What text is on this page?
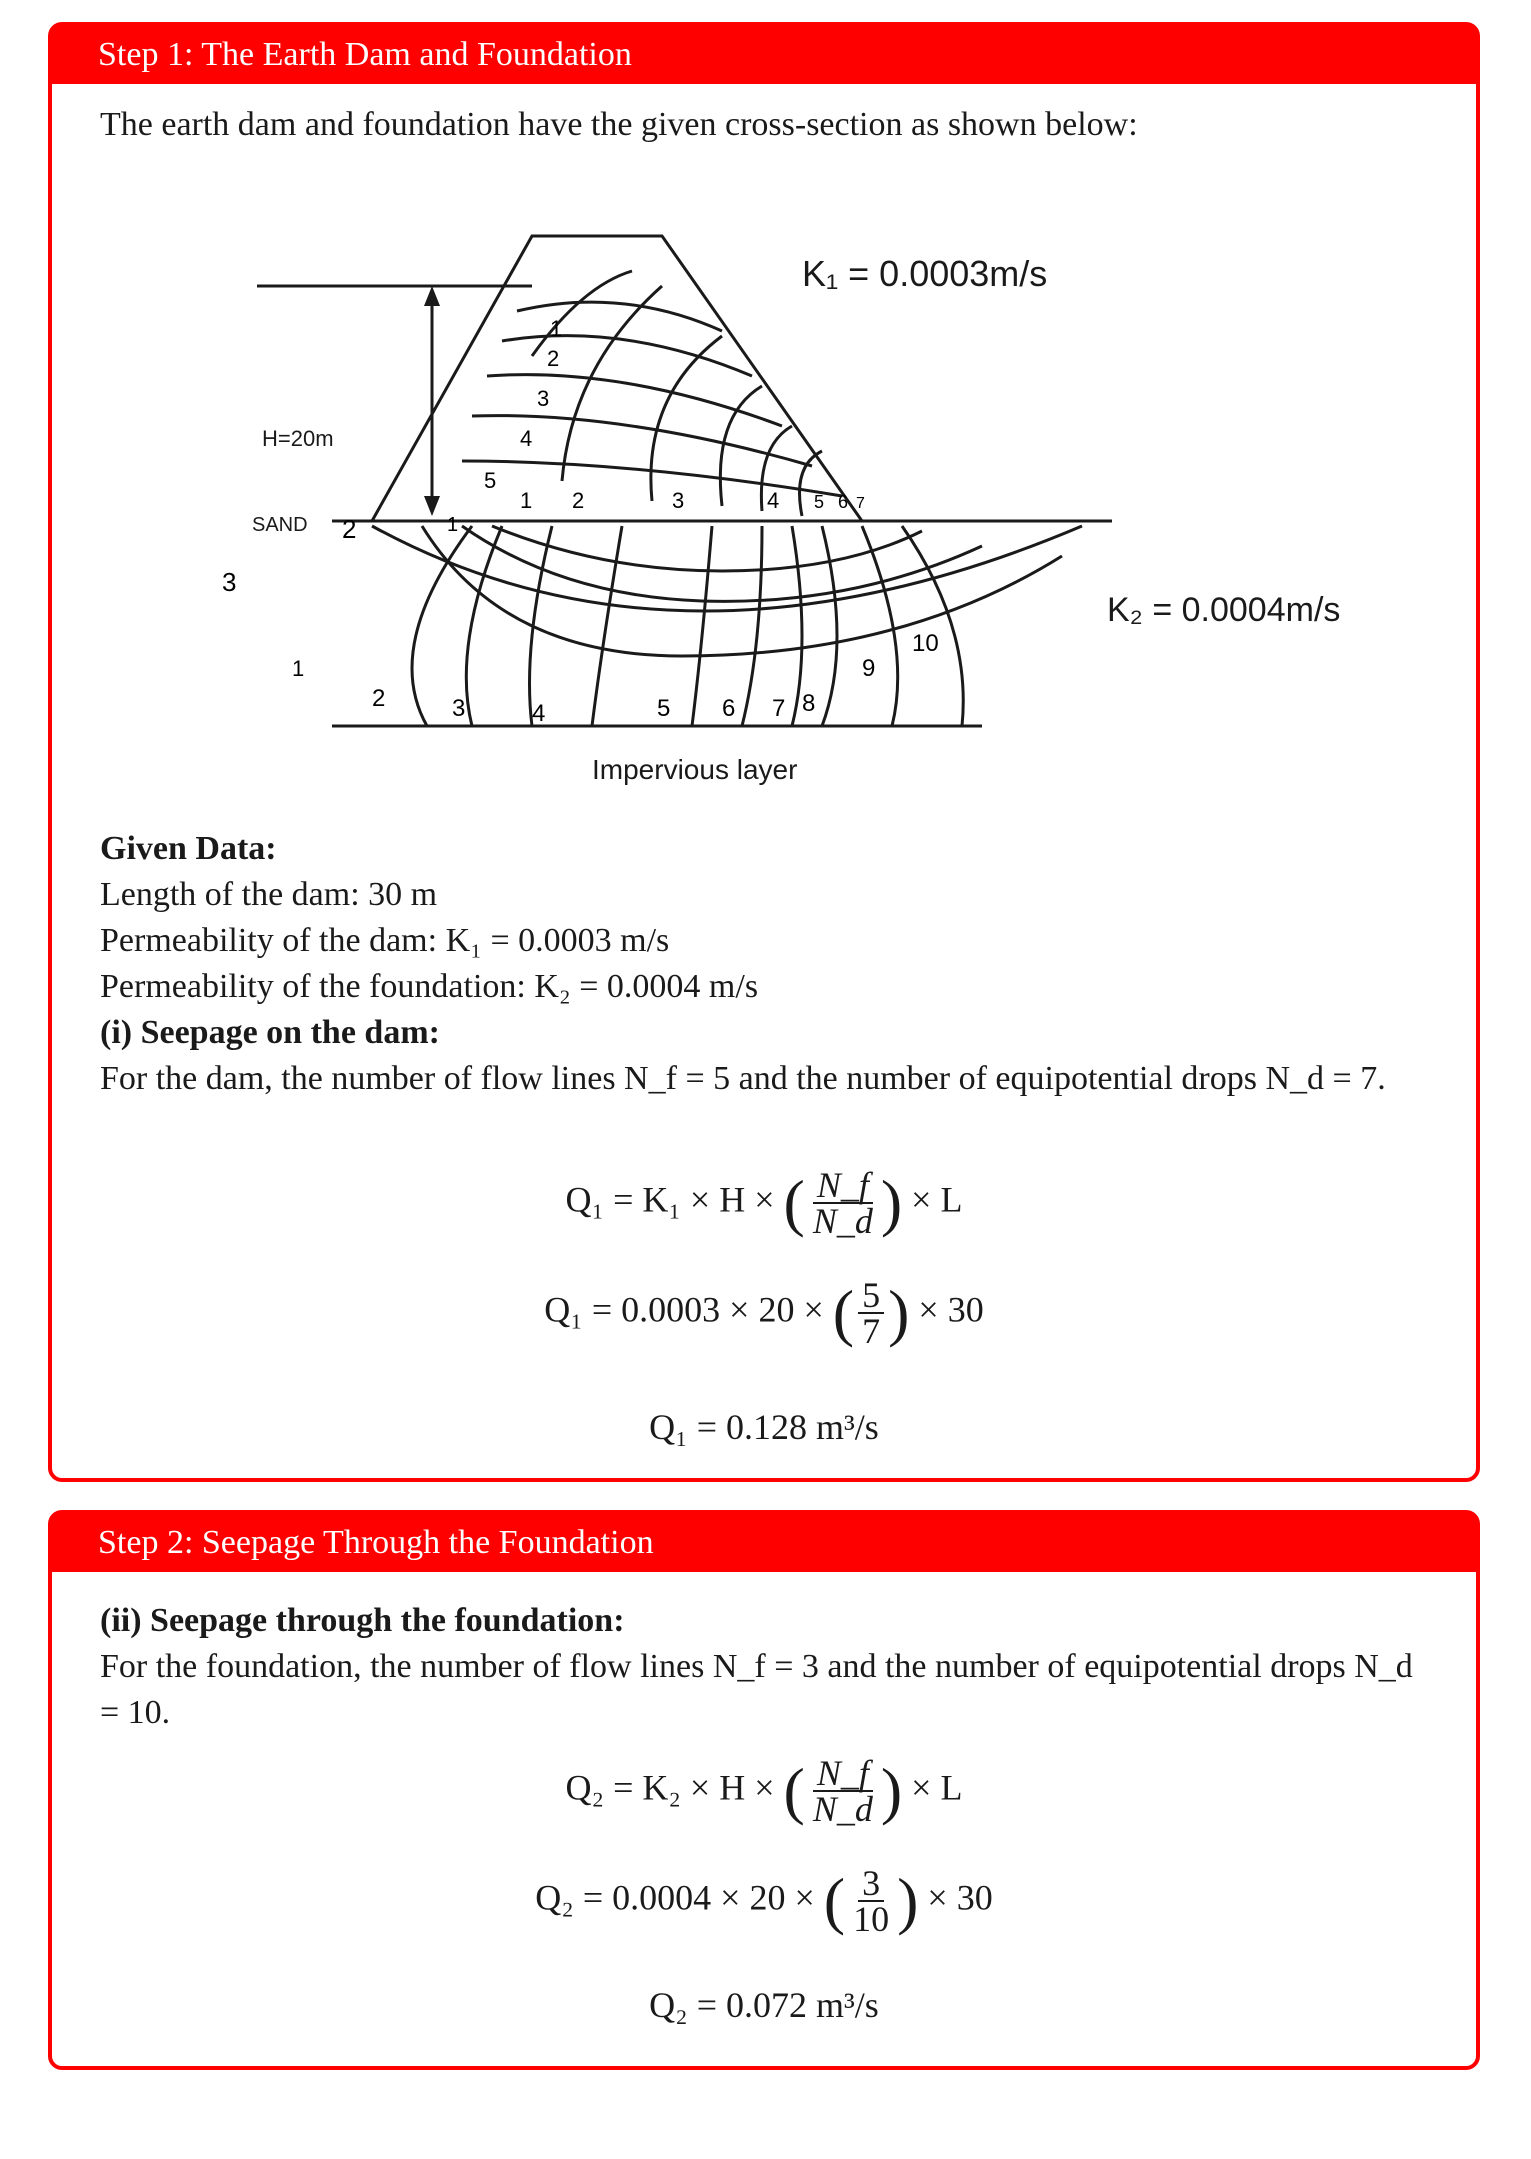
Step 1: The Earth Dam and Foundation
The earth dam and foundation have the given cross-section as shown below:
H=20m
SAND
Impervious layer
K₁ = 0.0003m/s
K₂ = 0.0004m/s
1
2
3
4
5
1 2	3	4 5 6 7
1
2	3	4	5 6 7 8
9
10
3
2	1
Given Data:
Length of the dam: 30 m
Permeability of the dam: K₁ = 0.0003 m/s
Permeability of the foundation: K₂ = 0.0004 m/s
(i) Seepage on the dam:
For the dam, the number of flow lines N_f = 5 and the number of equipotential drops N_d = 7.
Q₁ = K₁ × H × ( $\frac{N\_f}{N\_d}$ ) × L
Q₁ = 0.0003 × 20 × ( $\frac{5}{7}$ ) × 30
Q₁ = 0.128 m³/s
Step 2: Seepage Through the Foundation
(ii) Seepage through the foundation:
For the foundation, the number of flow lines N_f = 3 and the number of equipotential drops N_d = 10.
Q₂ = K₂ × H × ( $\frac{N\_f}{N\_d}$ ) × L
Q₂ = 0.0004 × 20 × ( $\frac{3}{10}$ ) × 30
Q₂ = 0.072 m³/s
